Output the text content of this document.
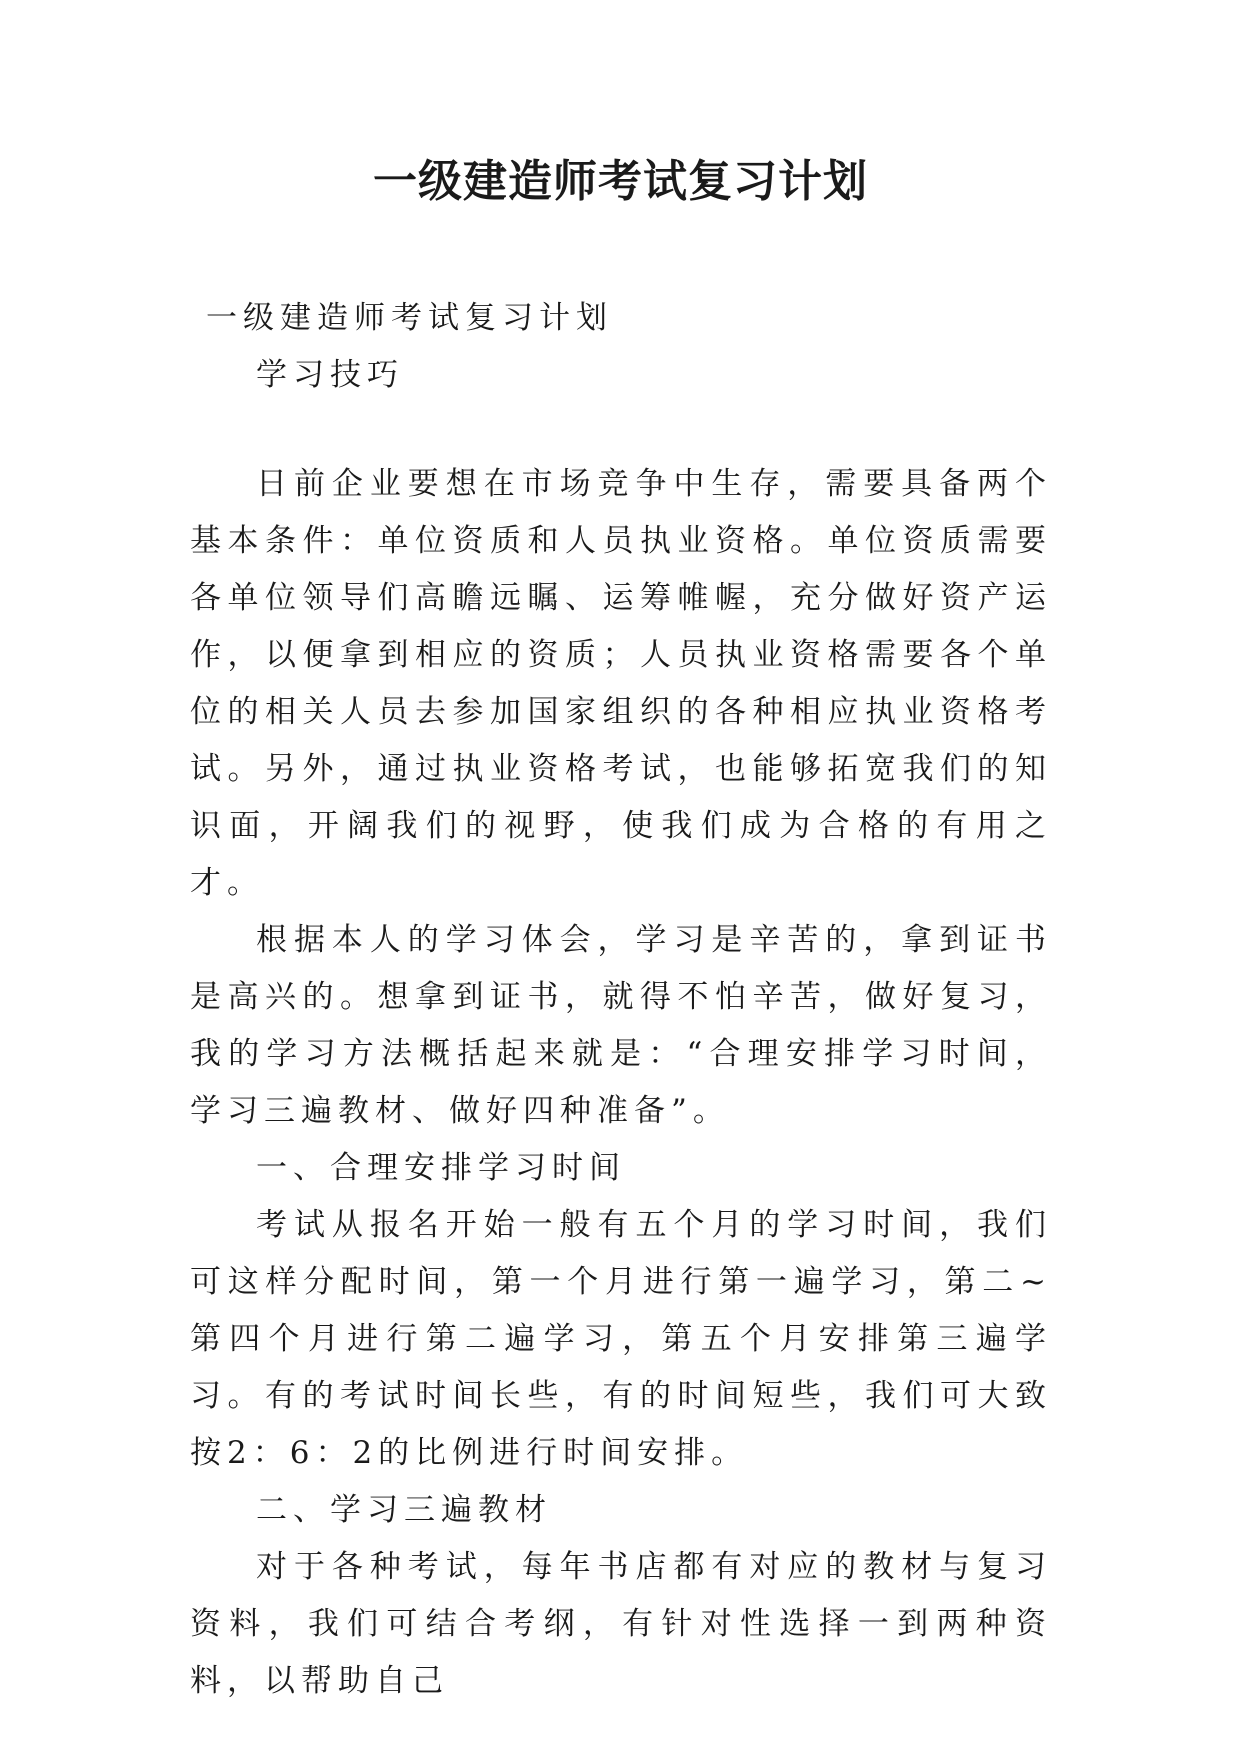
一级建造师考试复习计划

一级建造师考试复习计划

学习技巧

日前企业要想在市场竞争中生存，需要具备两个基本条件：单位资质和人员执业资格。单位资质需要各单位领导们高瞻远瞩、运筹帷幄，充分做好资产运作，以便拿到相应的资质；人员执业资格需要各个单位的相关人员去参加国家组织的各种相应执业资格考试。另外，通过执业资格考试，也能够拓宽我们的知识面，开阔我们的视野，使我们成为合格的有用之才。

根据本人的学习体会，学习是辛苦的，拿到证书是高兴的。想拿到证书，就得不怕辛苦，做好复习，我的学习方法概括起来就是：“合理安排学习时间，学习三遍教材、做好四种准备”。

一、合理安排学习时间

考试从报名开始一般有五个月的学习时间，我们可这样分配时间，第一个月进行第一遍学习，第二~第四个月进行第二遍学习，第五个月安排第三遍学习。有的考试时间长些，有的时间短些，我们可大致按2：6：2的比例进行时间安排。

二、学习三遍教材

对于各种考试，每年书店都有对应的教材与复习资料，我们可结合考纲，有针对性选择一到两种资料，以帮助自己
